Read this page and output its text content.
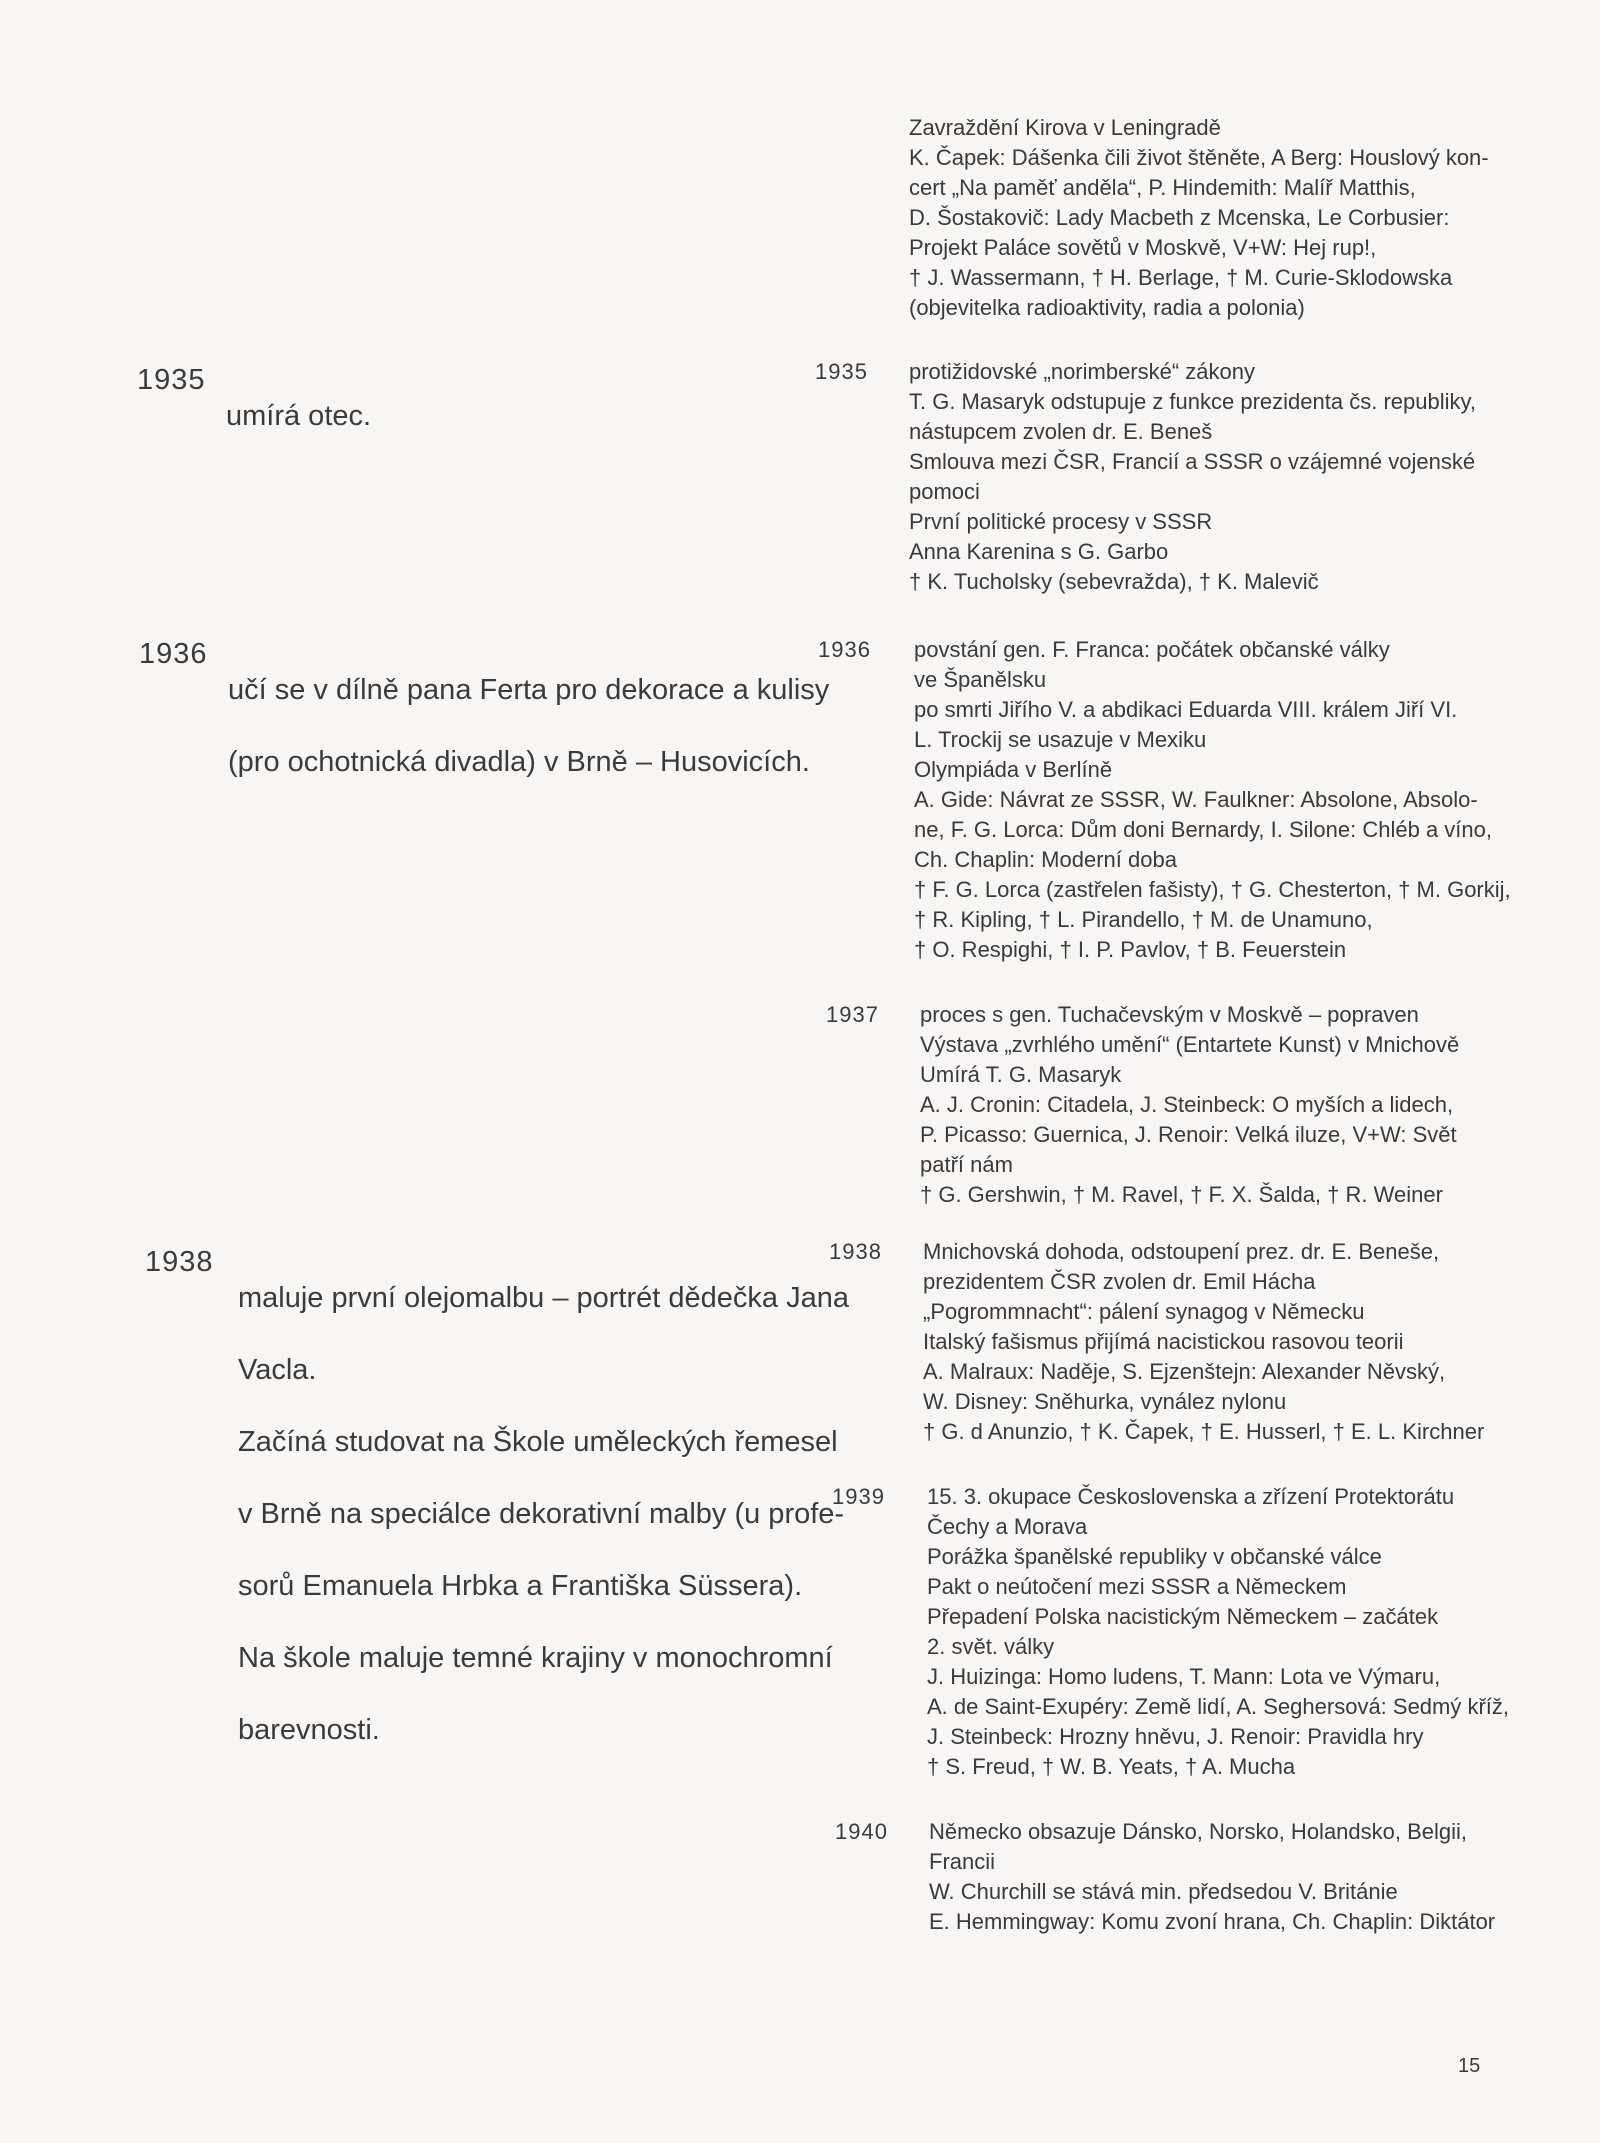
Zavraždění Kirova v Leningradě
K. Čapek: Dášenka čili život štěněte, A Berg: Houslový kon-
cert „Na paměť anděla“, P. Hindemith: Malíř Matthis,
D. Šostakovič: Lady Macbeth z Mcenska, Le Corbusier:
Projekt Paláce sovětů v Moskvě, V+W: Hej rup!,
† J. Wassermann, † H. Berlage, † M. Curie-Sklodowska
(objevitelka radioaktivity, radia a polonia)
1935

umírá otec.

1936

učí se v dílně pana Ferta pro dekorace a kulisy

(pro ochotnická divadla) v Brně – Husovicích.

1938

maluje první olejomalbu – portrét dědečka Jana

Vacla.

Začíná studovat na Škole uměleckých řemesel

v Brně na speciálce dekorativní malby (u profe-

sorů Emanuela Hrbka a Františka Süssera).

Na škole maluje temné krajiny v monochromní

barevnosti.

1935 protižidovské „norimberské“ zákony
T. G. Masaryk odstupuje z funkce prezidenta čs. republiky,
nástupcem zvolen dr. E. Beneš
Smlouva mezi ČSR, Francií a SSSR o vzájemné vojenské
pomoci
První politické procesy v SSSR
Anna Karenina s G. Garbo
† K. Tucholsky (sebevražda), † K. Malevič
1936 povstání gen. F. Franca: počátek občanské války
ve Španělsku
po smrti Jiřího V. a abdikaci Eduarda VIII. králem Jiří VI.
L. Trockij se usazuje v Mexiku
Olympiáda v Berlíně
A. Gide: Návrat ze SSSR, W. Faulkner: Absolone, Absolo-
ne, F. G. Lorca: Dům doni Bernardy, I. Silone: Chléb a víno,
Ch. Chaplin: Moderní doba
† F. G. Lorca (zastřelen fašisty), † G. Chesterton, † M. Gorkij,
† R. Kipling, † L. Pirandello, † M. de Unamuno,
† O. Respighi, † I. P. Pavlov, † B. Feuerstein
1937 proces s gen. Tuchačevským v Moskvě – popraven
Výstava „zvrhlého umění“ (Entartete Kunst) v Mnichově
Umírá T. G. Masaryk
A. J. Cronin: Citadela, J. Steinbeck: O myších a lidech,
P. Picasso: Guernica, J. Renoir: Velká iluze, V+W: Svět
patří nám
† G. Gershwin, † M. Ravel, † F. X. Šalda, † R. Weiner
1938 Mnichovská dohoda, odstoupení prez. dr. E. Beneše,
prezidentem ČSR zvolen dr. Emil Hácha
„Pogrommnacht“: pálení synagog v Německu
Italský fašismus přijímá nacistickou rasovou teorii
A. Malraux: Naděje, S. Ejzenštejn: Alexander Něvský,
W. Disney: Sněhurka, vynález nylonu
† G. d Anunzio, † K. Čapek, † E. Husserl, † E. L. Kirchner
1939 15. 3. okupace Československa a zřízení Protektorátu
Čechy a Morava
Porážka španělské republiky v občanské válce
Pakt o neútočení mezi SSSR a Německem
Přepadení Polska nacistickým Německem – začátek
2. svět. války
J. Huizinga: Homo ludens, T. Mann: Lota ve Výmaru,
A. de Saint-Exupéry: Země lidí, A. Seghersová: Sedmý kříž,
J. Steinbeck: Hrozny hněvu, J. Renoir: Pravidla hry
† S. Freud, † W. B. Yeats, † A. Mucha
1940 Německo obsazuje Dánsko, Norsko, Holandsko, Belgii,
Francii
W. Churchill se stává min. předsedou V. Británie
E. Hemmingway: Komu zvoní hrana, Ch. Chaplin: Diktátor
15
